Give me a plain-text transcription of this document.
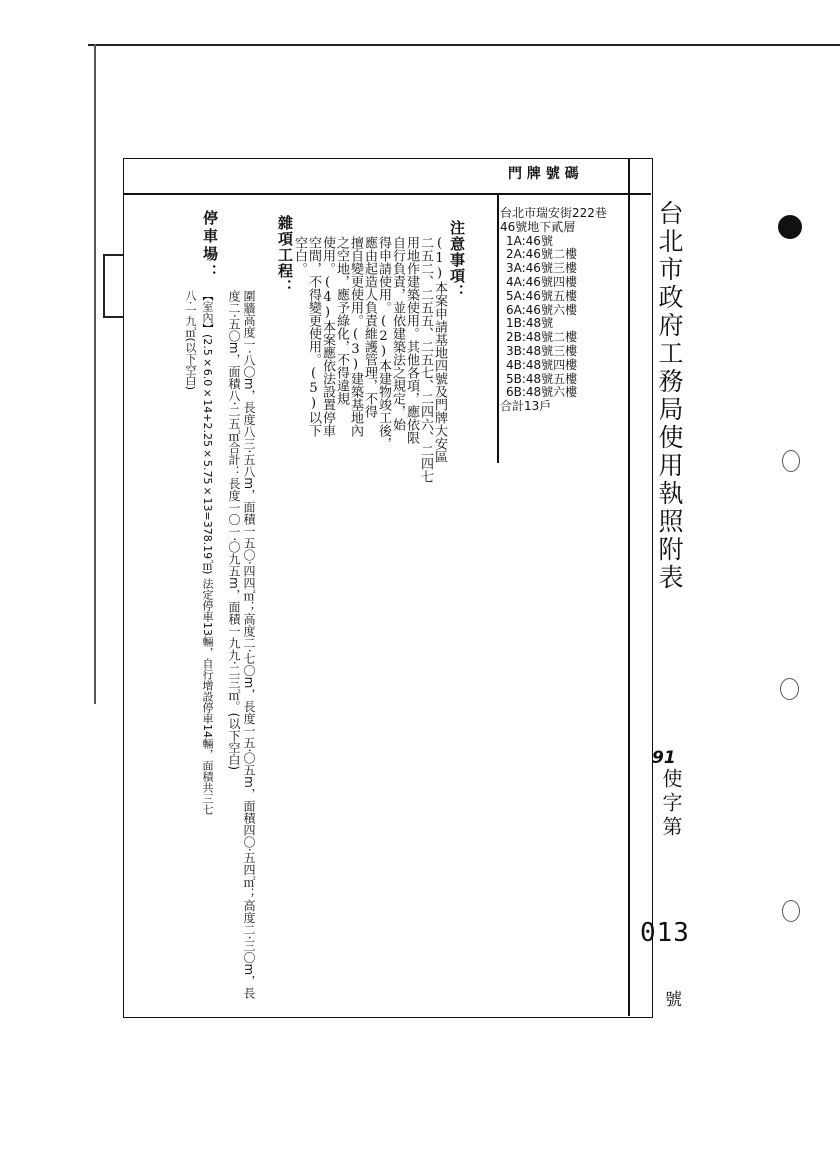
門 牌 號 碼
台北市瑞安街222巷
46號地下貳層
1A:46號
2A:46號二樓
3A:46號三樓
4A:46號四樓
5A:46號五樓
6A:46號六樓
1B:48號
2B:48號二樓
3B:48號三樓
4B:48號四樓
5B:48號五樓
6B:48號六樓
合計13戶
注意事項：
(1)本案申請基地四號及門牌大安區
二五二、二五五、二五七、二四六、二四七
用地作建築使用。其他各項，應依限
自行負責，並依建築法之規定，始
得申請使用。(2)本建物竣工後，
應由起造人負責維護管理，不得
擅自變更使用。(3)建築基地內
之空地，應予綠化，不得違規
使用。(4)本案應依法設置停車
空間，不得變更使用。(5)以下
空白。
雜項工程：
圍牆高度一‧八〇m，長度八三‧五八m，面積一五〇‧四四㎡；高度二‧七〇m，長度一五‧〇五m，面積四〇‧五四㎡；高度二‧三〇m，長度二‧五〇m，面積八‧二五㎡合計：長度一〇一‧〇九五m，面積一九九‧二三㎡。(以下空白)
停車場：
【室內】(2.5×6.0×14+2.25×5.75×13=378.19㎡) 法定停車13輛，自行增設停車14輛，面積共三七
八‧一九㎡(以下空白)	台北市政府工務局使用執照附表
91
使字第
013
號
